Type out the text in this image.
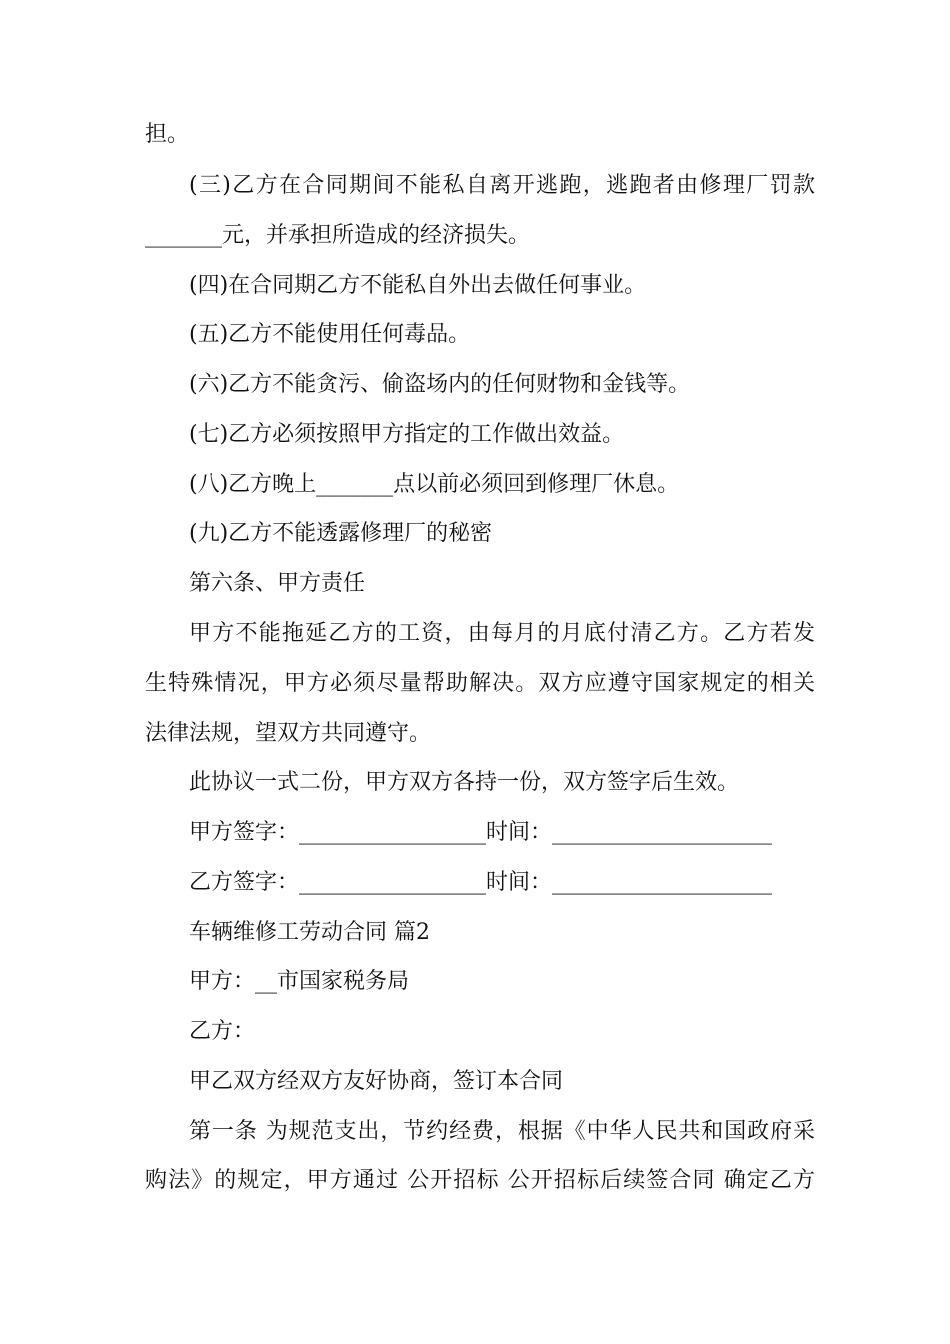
担。
(三)乙方在合同期间不能私自离开逃跑，逃跑者由修理厂罚款
_______元，并承担所造成的经济损失。
(四)在合同期乙方不能私自外出去做任何事业。
(五)乙方不能使用任何毒品。
(六)乙方不能贪污、偷盗场内的任何财物和金钱等。
(七)乙方必须按照甲方指定的工作做出效益。
(八)乙方晚上_______点以前必须回到修理厂休息。
(九)乙方不能透露修理厂的秘密
第六条、甲方责任
甲方不能拖延乙方的工资，由每月的月底付清乙方。乙方若发
生特殊情况，甲方必须尽量帮助解决。双方应遵守国家规定的相关
法律法规，望双方共同遵守。
此协议一式二份，甲方双方各持一份，双方签字后生效。
甲方签字：_________________时间：____________________
乙方签字：_________________时间：____________________
车辆维修工劳动合同 篇2
甲方：__市国家税务局
乙方：
甲乙双方经双方友好协商，签订本合同
第一条 为规范支出，节约经费，根据《中华人民共和国政府采
购法》的规定，甲方通过 公开招标 公开招标后续签合同 确定乙方
